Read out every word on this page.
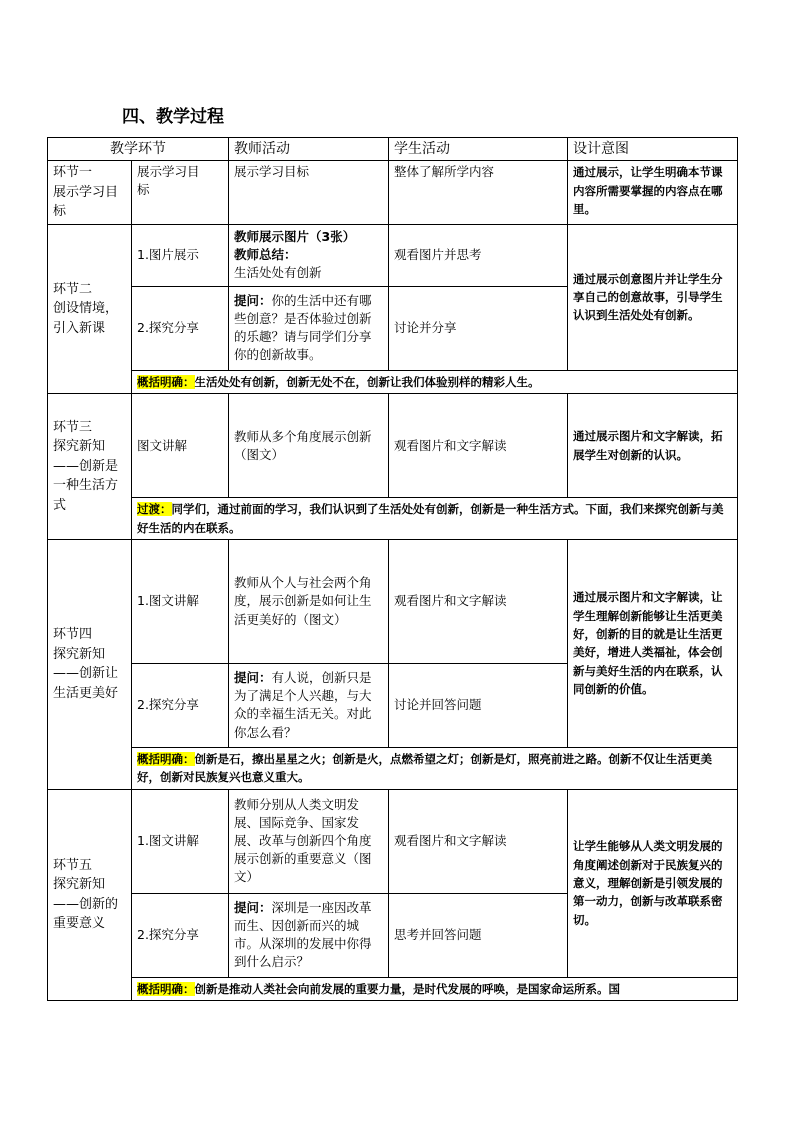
四、教学过程
教学环节		教师活动	学生活动	设计意图
环节一
展示学习目标	展示学习目
标	展示学习目标	整体了解所学内容	通过展示，让学生明确本节课内容所需要掌握的内容点在哪里。
环节二
创设情境，
引入新课	1.图片展示	教师展示图片（3张）
教师总结：
生活处处有创新	观看图片并思考	通过展示创意图片并让学生分享自己的创意故事，引导学生认识到生活处处有创新。
	2.探究分享	提问：你的生活中还有哪些创意？是否体验过创新的乐趣？请与同学们分享你的创新故事。	讨论并分享	
	概括明确：生活处处有创新，创新无处不在，创新让我们体验别样的精彩人生。			
环节三
探究新知
——创新是一种生活方式	图文讲解	教师从多个角度展示创新（图文）	观看图片和文字解读	通过展示图片和文字解读，拓展学生对创新的认识。
	过渡：同学们，通过前面的学习，我们认识到了生活处处有创新，创新是一种生活方式。下面，我们来探究创新与美好生活的内在联系。			
环节四
探究新知
——创新让生活更美好	1.图文讲解	教师从个人与社会两个角度，展示创新是如何让生活更美好的（图文）	观看图片和文字解读	通过展示图片和文字解读，让学生理解创新能够让生活更美好，创新的目的就是让生活更美好，增进人类福祉，体会创新与美好生活的内在联系，认同创新的价值。
	2.探究分享	提问：有人说，创新只是为了满足个人兴趣，与大众的幸福生活无关。对此你怎么看？	讨论并回答问题	
	概括明确：创新是石，擦出星星之火；创新是火，点燃希望之灯；创新是灯，照亮前进之路。创新不仅让生活更美好，创新对民族复兴也意义重大。			
环节五
探究新知
——创新的重要意义	1.图文讲解	教师分别从人类文明发展、国际竞争、国家发展、改革与创新四个角度展示创新的重要意义（图文）	观看图片和文字解读	让学生能够从人类文明发展的角度阐述创新对于民族复兴的意义，理解创新是引领发展的第一动力，创新与改革联系密切。
	2.探究分享	提问：深圳是一座因改革而生、因创新而兴的城市。从深圳的发展中你得到什么启示？	思考并回答问题	
	概括明确：创新是推动人类社会向前发展的重要力量，是时代发展的呼唤，是国家命运所系。国			
